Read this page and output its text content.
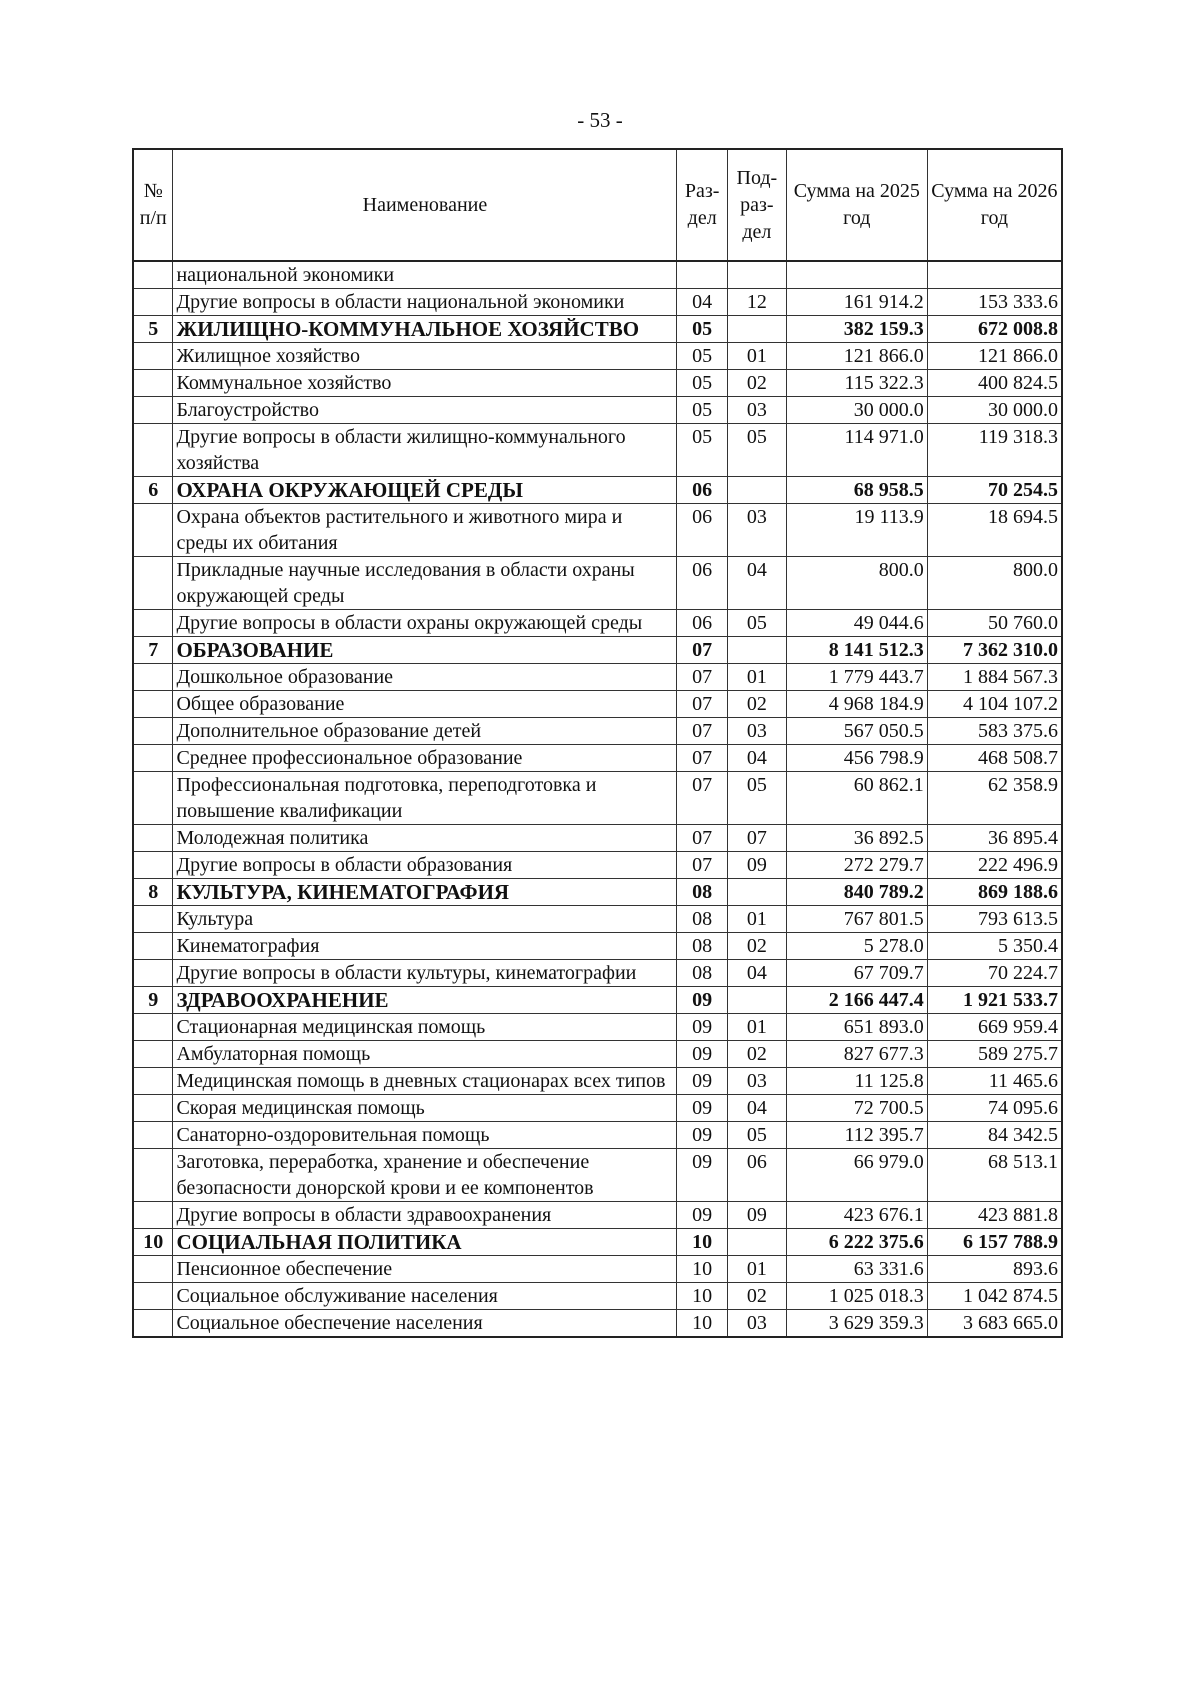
- 53 -
№ п/п	Наименование	Раз-дел	Под-раз-дел	Сумма на 2025 год	Сумма на 2026 год
	национальной экономики				
	Другие вопросы в области национальной экономики	04	12	161 914.2	153 333.6
5	ЖИЛИЩНО-КОММУНАЛЬНОЕ ХОЗЯЙСТВО	05		382 159.3	672 008.8
	Жилищное хозяйство	05	01	121 866.0	121 866.0
	Коммунальное хозяйство	05	02	115 322.3	400 824.5
	Благоустройство	05	03	30 000.0	30 000.0
	Другие вопросы в области жилищно-коммунального хозяйства	05	05	114 971.0	119 318.3
6	ОХРАНА ОКРУЖАЮЩЕЙ СРЕДЫ	06		68 958.5	70 254.5
	Охрана объектов растительного и животного мира и среды их обитания	06	03	19 113.9	18 694.5
	Прикладные научные исследования в области охраны окружающей среды	06	04	800.0	800.0
	Другие вопросы в области охраны окружающей среды	06	05	49 044.6	50 760.0
7	ОБРАЗОВАНИЕ	07		8 141 512.3	7 362 310.0
	Дошкольное образование	07	01	1 779 443.7	1 884 567.3
	Общее образование	07	02	4 968 184.9	4 104 107.2
	Дополнительное образование детей	07	03	567 050.5	583 375.6
	Среднее профессиональное образование	07	04	456 798.9	468 508.7
	Профессиональная подготовка, переподготовка и повышение квалификации	07	05	60 862.1	62 358.9
	Молодежная политика	07	07	36 892.5	36 895.4
	Другие вопросы в области образования	07	09	272 279.7	222 496.9
8	КУЛЬТУРА, КИНЕМАТОГРАФИЯ	08		840 789.2	869 188.6
	Культура	08	01	767 801.5	793 613.5
	Кинематография	08	02	5 278.0	5 350.4
	Другие вопросы в области культуры, кинематографии	08	04	67 709.7	70 224.7
9	ЗДРАВООХРАНЕНИЕ	09		2 166 447.4	1 921 533.7
	Стационарная медицинская помощь	09	01	651 893.0	669 959.4
	Амбулаторная помощь	09	02	827 677.3	589 275.7
	Медицинская помощь в дневных стационарах всех типов	09	03	11 125.8	11 465.6
	Скорая медицинская помощь	09	04	72 700.5	74 095.6
	Санаторно-оздоровительная помощь	09	05	112 395.7	84 342.5
	Заготовка, переработка, хранение и обеспечение безопасности донорской крови и ее компонентов	09	06	66 979.0	68 513.1
	Другие вопросы в области здравоохранения	09	09	423 676.1	423 881.8
10	СОЦИАЛЬНАЯ ПОЛИТИКА	10		6 222 375.6	6 157 788.9
	Пенсионное обеспечение	10	01	63 331.6	893.6
	Социальное обслуживание населения	10	02	1 025 018.3	1 042 874.5
	Социальное обеспечение населения	10	03	3 629 359.3	3 683 665.0
